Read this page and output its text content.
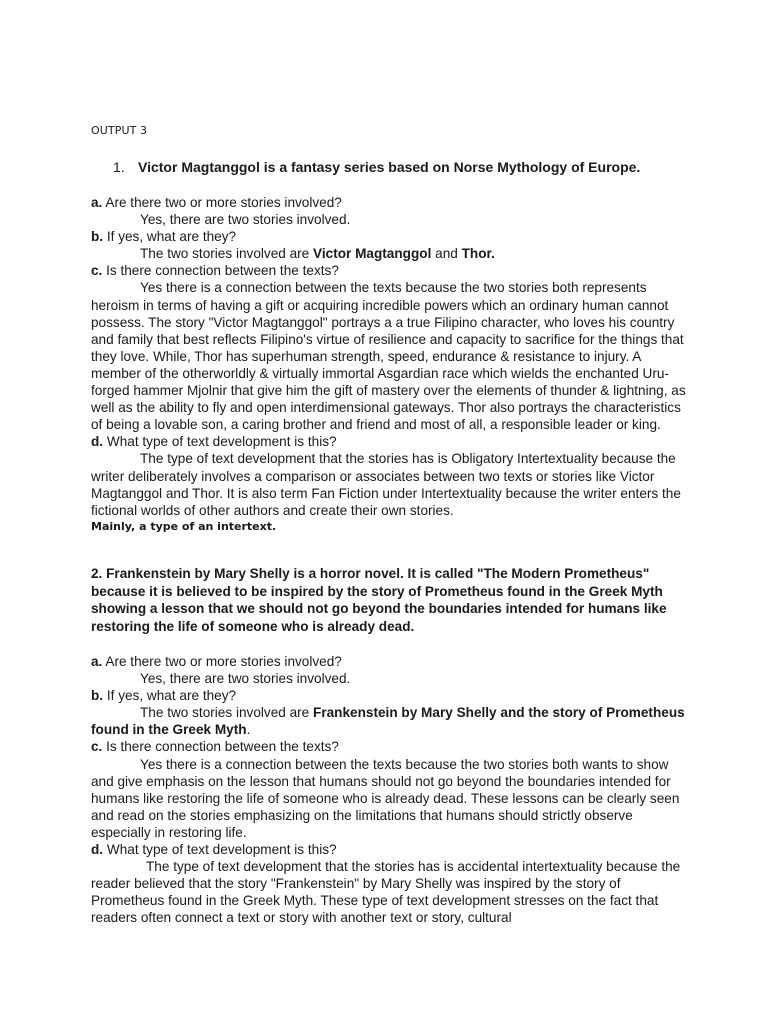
OUTPUT 3
1. Victor Magtanggol is a fantasy series based on Norse Mythology of Europe.

a. Are there two or more stories involved?

Yes, there are two stories involved.

b. If yes, what are they?

The two stories involved are Victor Magtanggol and Thor.

c. Is there connection between the texts?

Yes there is a connection between the texts because the two stories both represents heroism in terms of having a gift or acquiring incredible powers which an ordinary human cannot possess. The story "Victor Magtanggol" portrays a a true Filipino character, who loves his country and family that best reflects Filipino's virtue of resilience and capacity to sacrifice for the things that they love. While, Thor has superhuman strength, speed, endurance & resistance to injury. A member of the otherworldly & virtually immortal Asgardian race which wields the enchanted Uru-forged hammer Mjolnir that give him the gift of mastery over the elements of thunder & lightning, as well as the ability to fly and open interdimensional gateways. Thor also portrays the characteristics of being a lovable son, a caring brother and friend and most of all, a responsible leader or king.

d. What type of text development is this?

The type of text development that the stories has is Obligatory Intertextuality because the writer deliberately involves a comparison or associates between two texts or stories like Victor Magtanggol and Thor. It is also term Fan Fiction under Intertextuality because the writer enters the fictional worlds of other authors and create their own stories.

Mainly, a type of an intertext.

2. Frankenstein by Mary Shelly is a horror novel. It is called "The Modern Prometheus" because it is believed to be inspired by the story of Prometheus found in the Greek Myth showing a lesson that we should not go beyond the boundaries intended for humans like restoring the life of someone who is already dead.

a. Are there two or more stories involved?

Yes, there are two stories involved.

b. If yes, what are they?

The two stories involved are Frankenstein by Mary Shelly and the story of Prometheus found in the Greek Myth.

c. Is there connection between the texts?

Yes there is a connection between the texts because the two stories both wants to show and give emphasis on the lesson that humans should not go beyond the boundaries intended for humans like restoring the life of someone who is already dead. These lessons can be clearly seen and read on the stories emphasizing on the limitations that humans should strictly observe especially in restoring life.

d. What type of text development is this?

The type of text development that the stories has is accidental intertextuality because the reader believed that the story "Frankenstein" by Mary Shelly was inspired by the story of Prometheus found in the Greek Myth. These type of text development stresses on the fact that readers often connect a text or story with another text or story, cultural
